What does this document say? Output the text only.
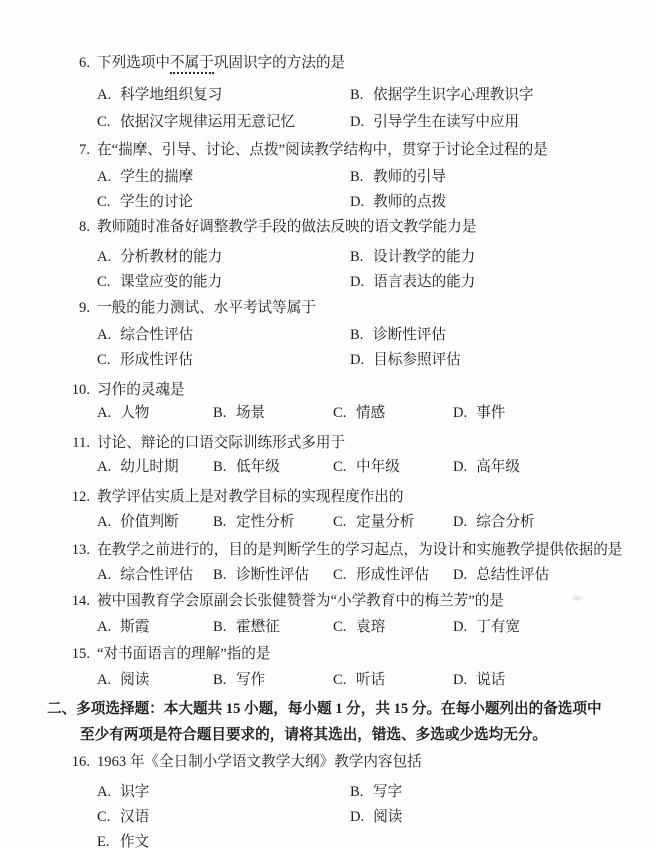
6. 下列选项中不属于巩固识字的方法的是
A. 科学地组织复习	B. 依据学生识字心理教识字
C. 依据汉字规律运用无意记忆	D. 引导学生在读写中应用
7. 在“揣摩、引导、讨论、点拨”阅读教学结构中，贯穿于讨论全过程的是
A. 学生的揣摩	B. 教师的引导
C. 学生的讨论	D. 教师的点拨
8. 教师随时准备好调整教学手段的做法反映的语文教学能力是
A. 分析教材的能力	B. 设计教学的能力
C. 课堂应变的能力	D. 语言表达的能力
9. 一般的能力测试、水平考试等属于
A. 综合性评估	B. 诊断性评估
C. 形成性评估	D. 目标参照评估
10. 习作的灵魂是
A. 人物	B. 场景	C. 情感	D. 事件
11. 讨论、辩论的口语交际训练形式多用于
A. 幼儿时期 B. 低年级	C. 中年级	D. 高年级
12. 教学评估实质上是对教学目标的实现程度作出的
A. 价值判断 B. 定性分析	C. 定量分析	D. 综合分析
13. 在教学之前进行的，目的是判断学生的学习起点，为设计和实施教学提供依据的是
A. 综合性评估 B. 诊断性评估 C. 形成性评估 D. 总结性评估
14. 被中国教育学会原副会长张健赞誉为“小学教育中的梅兰芳”的是
A. 斯霞	B. 霍懋征	C. 袁瑢	D. 丁有宽
15. “对书面语言的理解”指的是
A. 阅读	B. 写作	C. 听话	D. 说话
二、多项选择题：本大题共 15 小题，每小题 1 分，共 15 分。在每小题列出的备选项中
至少有两项是符合题目要求的，请将其选出，错选、多选或少选均无分。
16. 1963 年《全日制小学语文教学大纲》教学内容包括
A. 识字	B. 写字
C. 汉语	D. 阅读
E. 作文
